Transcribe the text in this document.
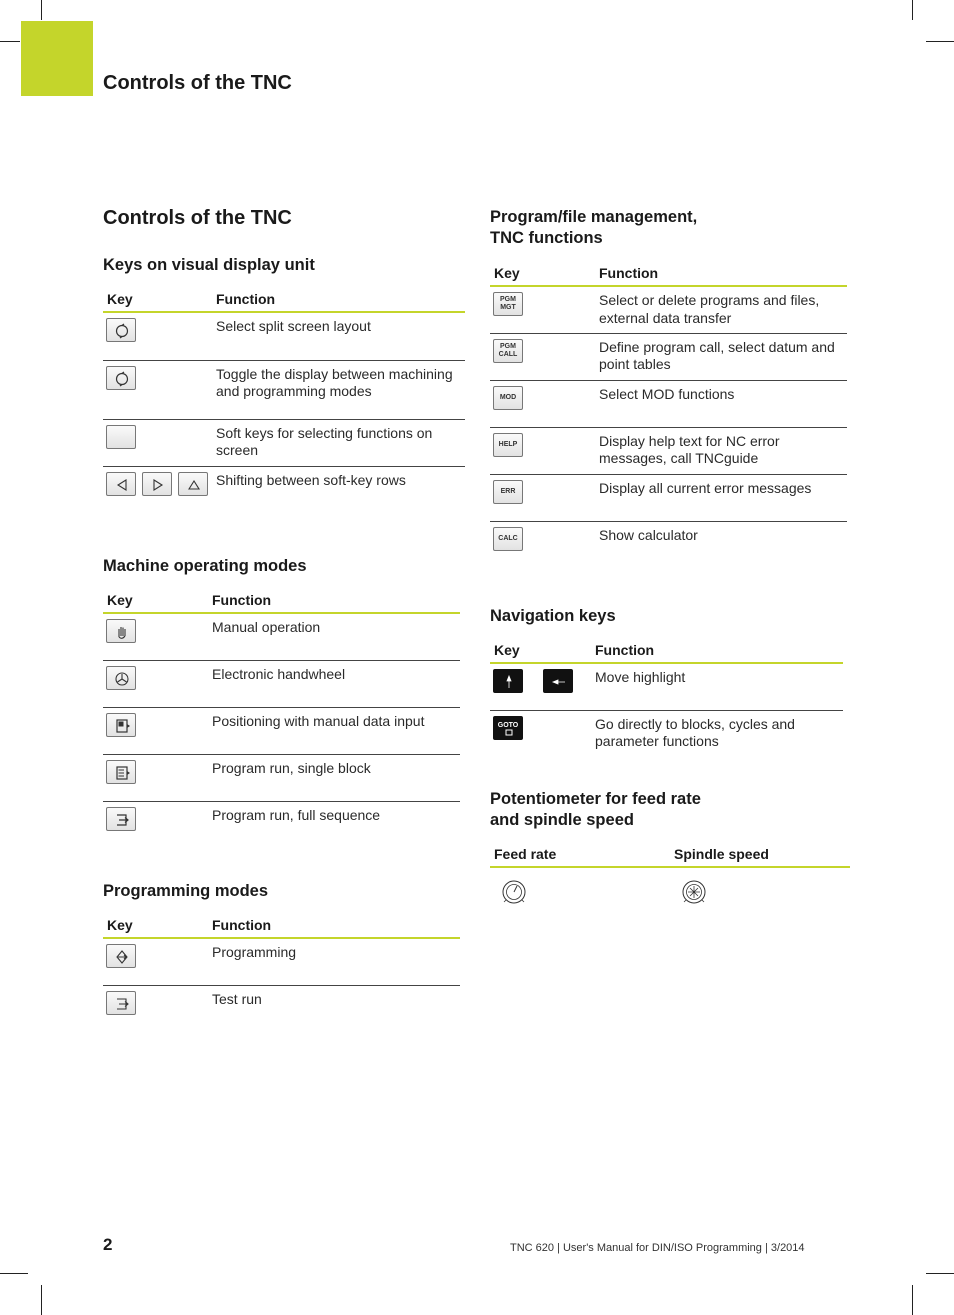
Controls of the TNC
Controls of the TNC
Keys on visual display unit
Key	Function

	Select split screen layout

	Toggle the display between machining and programming modes
	Soft keys for selecting functions on screen

	Shifting between soft-key rows
Machine operating modes
Key	Function

	Manual operation

	Electronic handwheel

	Positioning with manual data input

	Program run, single block

	Program run, full sequence
Programming modes
Key	Function

	Programming

	Test run
Program/file management,
TNC functions
Key	Function

PGM
MGT	Select or delete programs and files, external data transfer

PGM
CALL	Define program call, select datum and point tables

MOD	Select MOD functions

HELP	Display help text for NC error messages, call TNCguide

ERR	Display all current error messages

CALC	Show calculator
Navigation keys
Key	Function

	Move highlight

GOTO	Go directly to blocks, cycles and parameter functions
Potentiometer for feed rate
and spindle speed
Feed rate	Spindle speed

2	TNC 620 | User's Manual for DIN/ISO Programming | 3/2014
